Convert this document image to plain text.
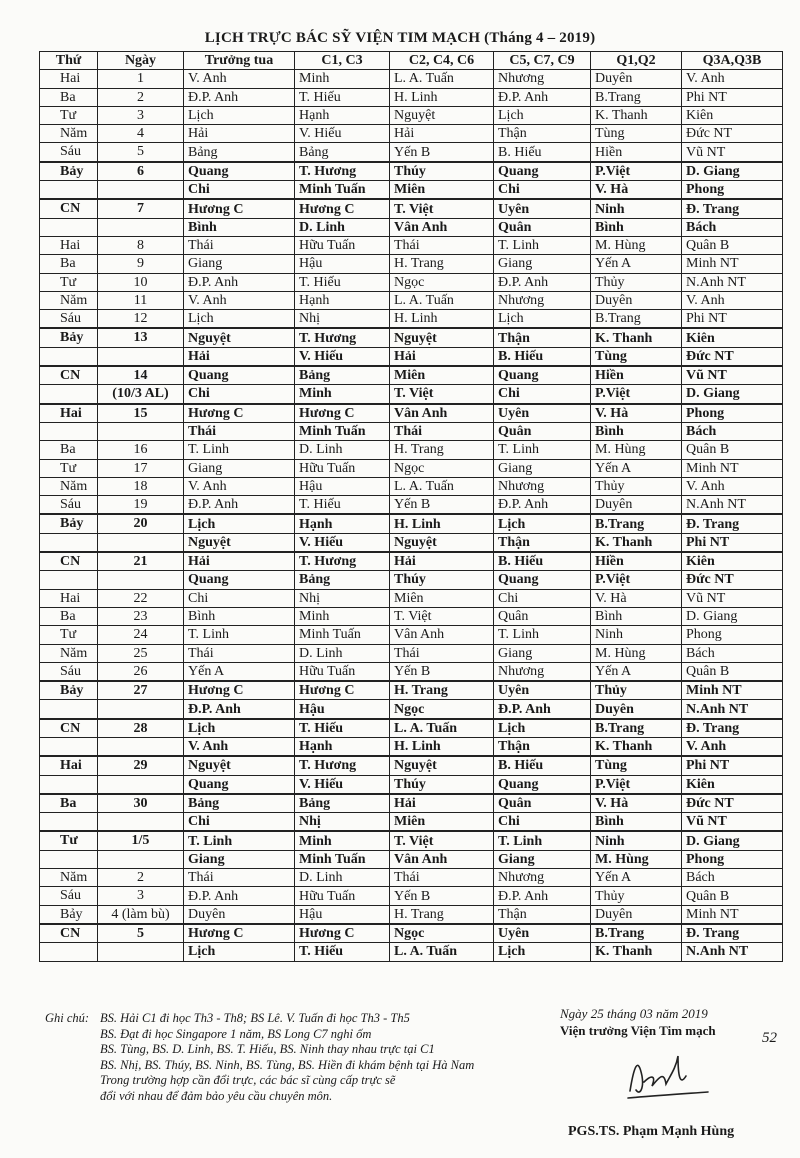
LỊCH TRỰC BÁC SỸ VIỆN TIM MẠCH (Tháng 4 – 2019)
Thứ	Ngày	Trưởng tua	C1, C3	C2, C4, C6	C5, C7, C9	Q1,Q2	Q3A,Q3B
Hai	1	V. Anh	Minh	L. A. Tuấn	Nhương	Duyên	V. Anh
Ba	2	Đ.P. Anh	T. Hiếu	H. Linh	Đ.P. Anh	B.Trang	Phi NT
Tư	3	Lịch	Hạnh	Nguyệt	Lịch	K. Thanh	Kiên
Năm	4	Hải	V. Hiếu	Hải	Thận	Tùng	Đức NT
Sáu	5	Bảng	Bảng	Yến B	B. Hiếu	Hiền	Vũ NT
Bảy	6	Quang	T. Hương	Thúy	Quang	P.Việt	D. Giang
		Chi	Minh Tuấn	Miên	Chi	V. Hà	Phong
CN	7	Hương C	Hương C	T. Việt	Uyên	Ninh	Đ. Trang
		Bình	D. Linh	Vân Anh	Quân	Bình	Bách
Hai	8	Thái	Hữu Tuấn	Thái	T. Linh	M. Hùng	Quân B
Ba	9	Giang	Hậu	H. Trang	Giang	Yến A	Minh NT
Tư	10	Đ.P. Anh	T. Hiếu	Ngọc	Đ.P. Anh	Thủy	N.Anh NT
Năm	11	V. Anh	Hạnh	L. A. Tuấn	Nhương	Duyên	V. Anh
Sáu	12	Lịch	Nhị	H. Linh	Lịch	B.Trang	Phi NT
Bảy	13	Nguyệt	T. Hương	Nguyệt	Thận	K. Thanh	Kiên
		Hải	V. Hiếu	Hải	B. Hiếu	Tùng	Đức NT
CN	14	Quang	Bảng	Miên	Quang	Hiền	Vũ NT
	(10/3 AL)	Chi	Minh	T. Việt	Chi	P.Việt	D. Giang
Hai	15	Hương C	Hương C	Vân Anh	Uyên	V. Hà	Phong
		Thái	Minh Tuấn	Thái	Quân	Bình	Bách
Ba	16	T. Linh	D. Linh	H. Trang	T. Linh	M. Hùng	Quân B
Tư	17	Giang	Hữu Tuấn	Ngọc	Giang	Yến A	Minh NT
Năm	18	V. Anh	Hậu	L. A. Tuấn	Nhương	Thủy	V. Anh
Sáu	19	Đ.P. Anh	T. Hiếu	Yến B	Đ.P. Anh	Duyên	N.Anh NT
Bảy	20	Lịch	Hạnh	H. Linh	Lịch	B.Trang	Đ. Trang
		Nguyệt	V. Hiếu	Nguyệt	Thận	K. Thanh	Phi NT
CN	21	Hải	T. Hương	Hải	B. Hiếu	Hiền	Kiên
		Quang	Bảng	Thúy	Quang	P.Việt	Đức NT
Hai	22	Chi	Nhị	Miên	Chi	V. Hà	Vũ NT
Ba	23	Bình	Minh	T. Việt	Quân	Bình	D. Giang
Tư	24	T. Linh	Minh Tuấn	Vân Anh	T. Linh	Ninh	Phong
Năm	25	Thái	D. Linh	Thái	Giang	M. Hùng	Bách
Sáu	26	Yến A	Hữu Tuấn	Yến B	Nhương	Yến A	Quân B
Bảy	27	Hương C	Hương C	H. Trang	Uyên	Thủy	Minh NT
		Đ.P. Anh	Hậu	Ngọc	Đ.P. Anh	Duyên	N.Anh NT
CN	28	Lịch	T. Hiếu	L. A. Tuấn	Lịch	B.Trang	Đ. Trang
		V. Anh	Hạnh	H. Linh	Thận	K. Thanh	V. Anh
Hai	29	Nguyệt	T. Hương	Nguyệt	B. Hiếu	Tùng	Phi NT
		Quang	V. Hiếu	Thúy	Quang	P.Việt	Kiên
Ba	30	Bảng	Bảng	Hải	Quân	V. Hà	Đức NT
		Chi	Nhị	Miên	Chi	Bình	Vũ NT
Tư	1/5	T. Linh	Minh	T. Việt	T. Linh	Ninh	D. Giang
		Giang	Minh Tuấn	Vân Anh	Giang	M. Hùng	Phong
Năm	2	Thái	D. Linh	Thái	Nhương	Yến A	Bách
Sáu	3	Đ.P. Anh	Hữu Tuấn	Yến B	Đ.P. Anh	Thủy	Quân B
Bảy	4 (làm bù)	Duyên	Hậu	H. Trang	Thận	Duyên	Minh NT
CN	5	Hương C	Hương C	Ngọc	Uyên	B.Trang	Đ. Trang
		Lịch	T. Hiếu	L. A. Tuấn	Lịch	K. Thanh	N.Anh NT
Ghi chú: BS. Hải C1 đi học Th3 - Th8; BS Lê. V. Tuấn đi học Th3 - Th5
BS. Đạt đi học Singapore 1 năm, BS Long C7 nghỉ ốm
BS. Tùng, BS. D. Linh, BS. T. Hiếu, BS. Ninh thay nhau trực tại C1
BS. Nhị, BS. Thúy, BS. Ninh, BS. Tùng, BS. Hiền đi khám bệnh tại Hà Nam
Trong trường hợp cần đổi trực, các bác sĩ cùng cấp trực sẽ
đổi với nhau để đảm bảo yêu cầu chuyên môn.
Ngày 25 tháng 03 năm 2019
Viện trưởng Viện Tim mạch
PGS.TS. Phạm Mạnh Hùng
52
